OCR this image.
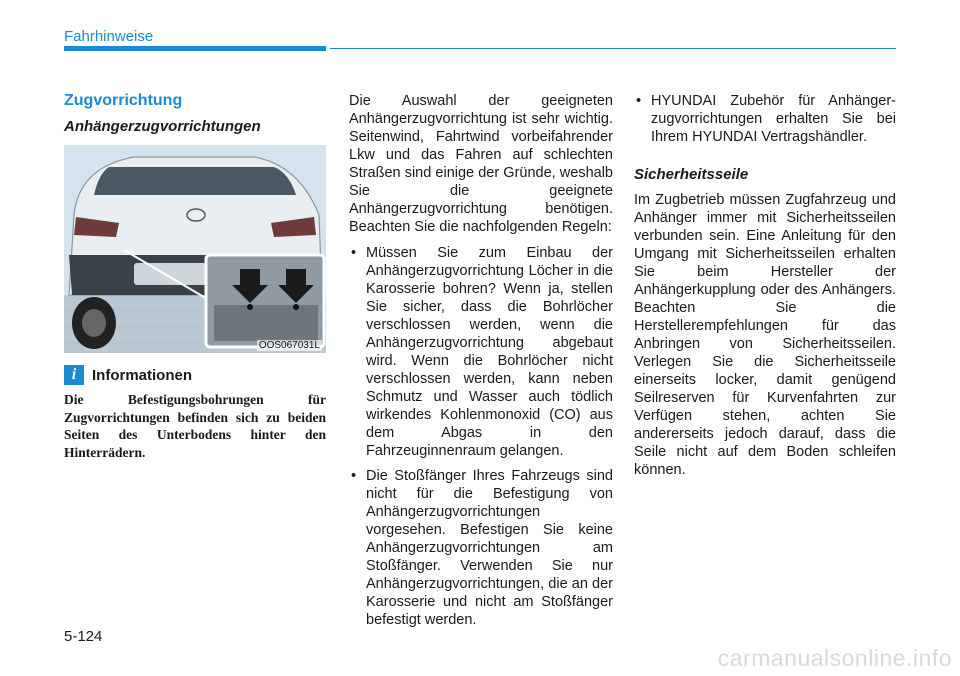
Fahrhinweise
Zugvorrichtung
Anhängerzugvorrichtungen
OOS067031L
i	Informationen
Die Befestigungsbohrungen für Zugvorrichtungen befinden sich zu beiden Seiten des Unterbodens hinter den Hinterrädern.

Die Auswahl der geeigneten Anhängerzugvorrichtung ist sehr wichtig. Seitenwind, Fahrtwind vorbeifahrender Lkw und das Fahren auf schlechten Straßen sind einige der Gründe, weshalb Sie die geeignete Anhängerzugvorrichtung benötigen. Beachten Sie die nachfolgenden Regeln:

• Müssen Sie zum Einbau der Anhängerzugvorrichtung Löcher in die Karosserie bohren? Wenn ja, stellen Sie sicher, dass die Bohrlöcher verschlossen werden, wenn die Anhängerzugvorrichtung abgebaut wird. Wenn die Bohrlöcher nicht verschlossen werden, kann neben Schmutz und Wasser auch tödlich wirkendes Kohlenmonoxid (CO) aus dem Abgas in den Fahrzeuginnenraum gelangen.
• Die Stoßfänger Ihres Fahrzeugs sind nicht für die Befestigung von Anhängerzugvorrichtungen vorgesehen. Befestigen Sie keine Anhängerzugvorrichtungen am Stoßfänger. Verwenden Sie nur Anhängerzugvorrichtungen, die an der Karosserie und nicht am Stoßfänger befestigt werden.
• HYUNDAI Zubehör für Anhänger-zugvorrichtungen erhalten Sie bei Ihrem HYUNDAI Vertragshändler.
Sicherheitsseile

Im Zugbetrieb müssen Zugfahrzeug und Anhänger immer mit Sicherheitsseilen verbunden sein. Eine Anleitung für den Umgang mit Sicherheitsseilen erhalten Sie beim Hersteller der Anhängerkupplung oder des Anhängers. Beachten Sie die Herstellerempfehlungen für das Anbringen von Sicherheitsseilen. Verlegen Sie die Sicherheitsseile einerseits locker, damit genügend Seilreserven für Kurvenfahrten zur Verfügen stehen, achten Sie andererseits jedoch darauf, dass die Seile nicht auf dem Boden schleifen können.

5-124
carmanualsonline.info
